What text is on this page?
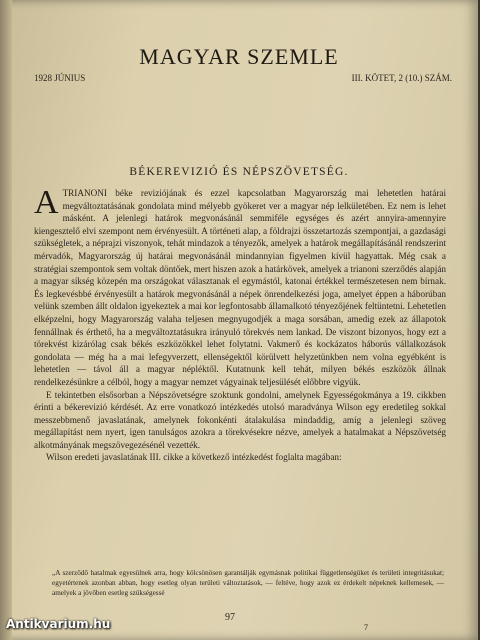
MAGYAR SZEMLE
1928 JÚNIUS	III. KÖTET, 2 (10.) SZÁM.
BÉKEREVIZIÓ ÉS NÉPSZÖVETSÉG.

ATRIANONI béke reviziójának és ezzel kapcsolatban Magyarország mai lehetetlen határai megváltoztatásának gondolata mind mélyebb gyökeret ver a magyar nép lelkületében. Ez nem is lehet másként. A jelenlegi határok megvonásánál semmiféle egységes és azért annyira-amennyire kiengesztelő elvi szempont nem érvényesült. A történeti alap, a földrajzi összetartozás szempontjai, a gazdasági szükségletek, a néprajzi viszonyok, tehát mindazok a tényezők, amelyek a határok megállapításánál rendszerint mérvadók, Magyarország új határai megvonásánál mindannyian figyelmen kívül hagyattak. Még csak a stratégiai szempontok sem voltak döntőek, mert hiszen azok a határkövek, amelyek a trianoni szerződés alapján a magyar síkség közepén ma országokat választanak el egymástól, katonai értékkel természetesen nem bírnak. És legkevésbbé érvényesült a határok megvonásánál a népek önrendelkezési joga, amelyet éppen a háborúban velünk szemben állt oldalon igyekeztek a mai kor legfontosabb államalkotó tényezőjének feltüntetni. Lehetetlen elképzelni, hogy Magyarország valaha teljesen megnyugodjék a maga sorsában, amedig ezek az állapotok fennállnak és érthető, ha a megváltoztatásukra irányuló törekvés nem lankad. De viszont bizonyos, hogy ezt a törekvést kizárólag csak békés eszközökkel lehet folytatni. Vakmerő és kockázatos háborús vállalkozások gondolata — még ha a mai lefegyverzett, ellenségektől körülvett helyzetünkben nem volna egyébként is lehetetlen — távol áll a magyar népléktől. Kutatnunk kell tehát, milyen békés eszközök állnak rendelkezésünkre a célból, hogy a magyar nemzet vágyainak teljesülését előbbre vigyük.

E tekintetben elsősorban a Népszövetségre szoktunk gondolni, amelynek Egyességokmánya a 19. cikkben érinti a békerevizió kérdését. Az erre vonatkozó intézkedés utolsó maradványa Wilson egy eredetileg sokkal messzebbmenő javaslatának, amelynek fokonkénti átalakulása mindaddig, amíg a jelenlegi szöveg megállapítást nem nyert, igen tanulságos azokra a törekvésekre nézve, amelyek a hatalmakat a Népszövetség alkotmányának megszövegezésénél vezették.

Wilson eredeti javaslatának III. cikke a következő intézkedést foglalta magában:

„A szerződő hatalmak egyesülnek arra, hogy kölcsönösen garantálják egymásnak politikai függetlenségüket és területi integritásukat; egyetértenek azonban abban, hogy esetleg olyan területi változtatások, — feltéve, hogy azok ez érdekelt népeknek kellemesek, — amelyek a jövőben esetleg szükségessé
97
7
Antikvarium.hu
